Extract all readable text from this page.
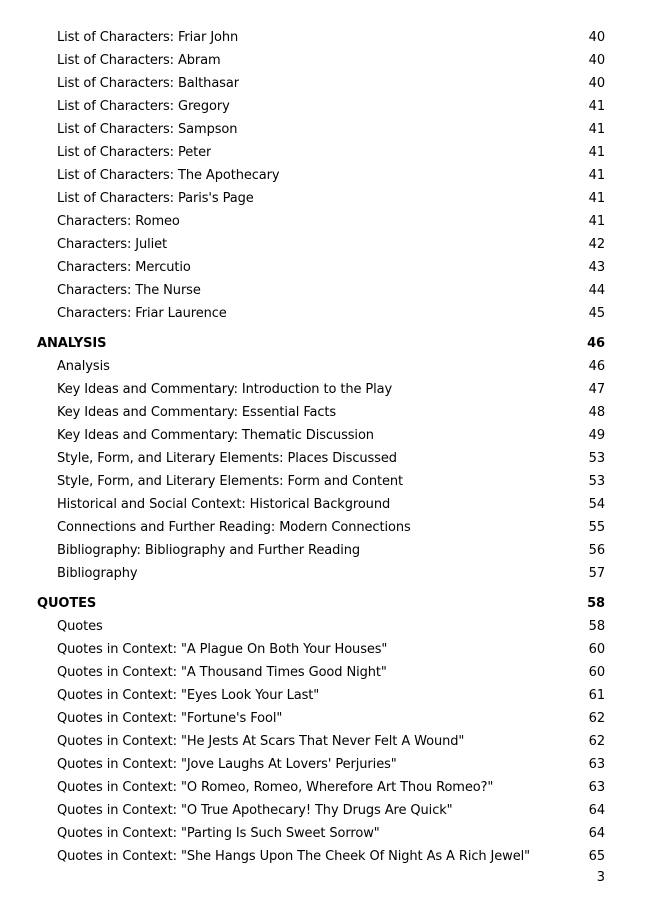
List of Characters: Friar John	40
List of Characters: Abram	40
List of Characters: Balthasar	40
List of Characters: Gregory	41
List of Characters: Sampson	41
List of Characters: Peter	41
List of Characters: The Apothecary	41
List of Characters: Paris's Page	41
Characters: Romeo	41
Characters: Juliet	42
Characters: Mercutio	43
Characters: The Nurse	44
Characters: Friar Laurence	45
ANALYSIS	46
Analysis	46
Key Ideas and Commentary: Introduction to the Play	47
Key Ideas and Commentary: Essential Facts	48
Key Ideas and Commentary: Thematic Discussion	49
Style, Form, and Literary Elements: Places Discussed	53
Style, Form, and Literary Elements: Form and Content	53
Historical and Social Context: Historical Background	54
Connections and Further Reading: Modern Connections	55
Bibliography: Bibliography and Further Reading	56
Bibliography	57
QUOTES	58
Quotes	58
Quotes in Context: "A Plague On Both Your Houses"	60
Quotes in Context: "A Thousand Times Good Night"	60
Quotes in Context: "Eyes Look Your Last"	61
Quotes in Context: "Fortune's Fool"	62
Quotes in Context: "He Jests At Scars That Never Felt A Wound"	62
Quotes in Context: "Jove Laughs At Lovers' Perjuries"	63
Quotes in Context: "O Romeo, Romeo, Wherefore Art Thou Romeo?"	63
Quotes in Context: "O True Apothecary! Thy Drugs Are Quick"	64
Quotes in Context: "Parting Is Such Sweet Sorrow"	64
Quotes in Context: "She Hangs Upon The Cheek Of Night As A Rich Jewel"	65
3
